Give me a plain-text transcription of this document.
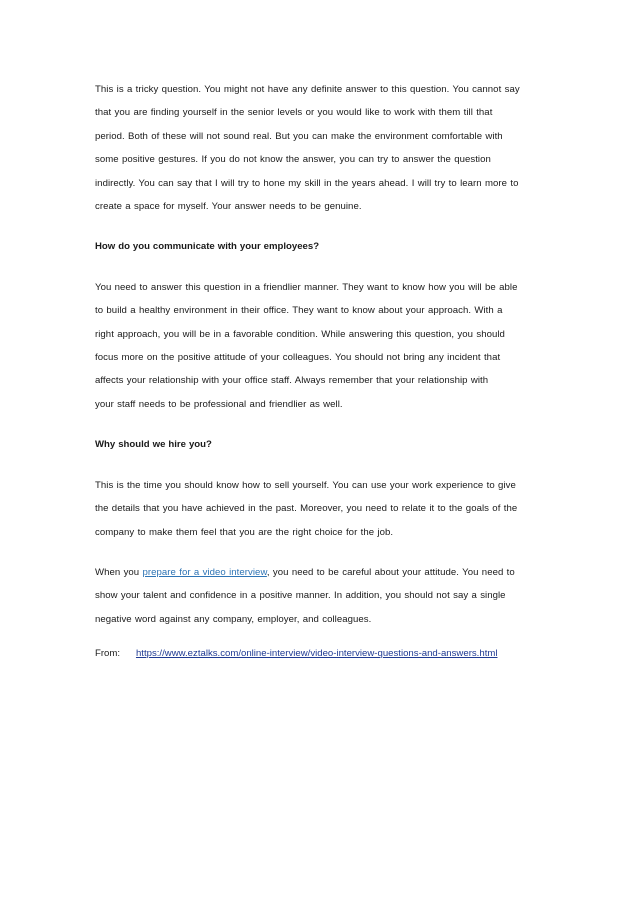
This is a tricky question. You might not have any definite answer to this question. You cannot say
that you are finding yourself in the senior levels or you would like to work with them till that
period. Both of these will not sound real. But you can make the environment comfortable with
some positive gestures. If you do not know the answer, you can try to answer the question
indirectly. You can say that I will try to hone my skill in the years ahead. I will try to learn more to
create a space for myself. Your answer needs to be genuine.

How do you communicate with your employees?

You need to answer this question in a friendlier manner. They want to know how you will be able
to build a healthy environment in their office. They want to know about your approach. With a
right approach, you will be in a favorable condition. While answering this question, you should
focus more on the positive attitude of your colleagues. You should not bring any incident that
affects your relationship with your office staff. Always remember that your relationship with
your staff needs to be professional and friendlier as well.

Why should we hire you?

This is the time you should know how to sell yourself. You can use your work experience to give
the details that you have achieved in the past. Moreover, you need to relate it to the goals of the
company to make them feel that you are the right choice for the job.

When you prepare for a video interview, you need to be careful about your attitude. You need to
show your talent and confidence in a positive manner. In addition, you should not say a single
negative word against any company, employer, and colleagues.

From: https://www.eztalks.com/online-interview/video-interview-questions-and-answers.html
